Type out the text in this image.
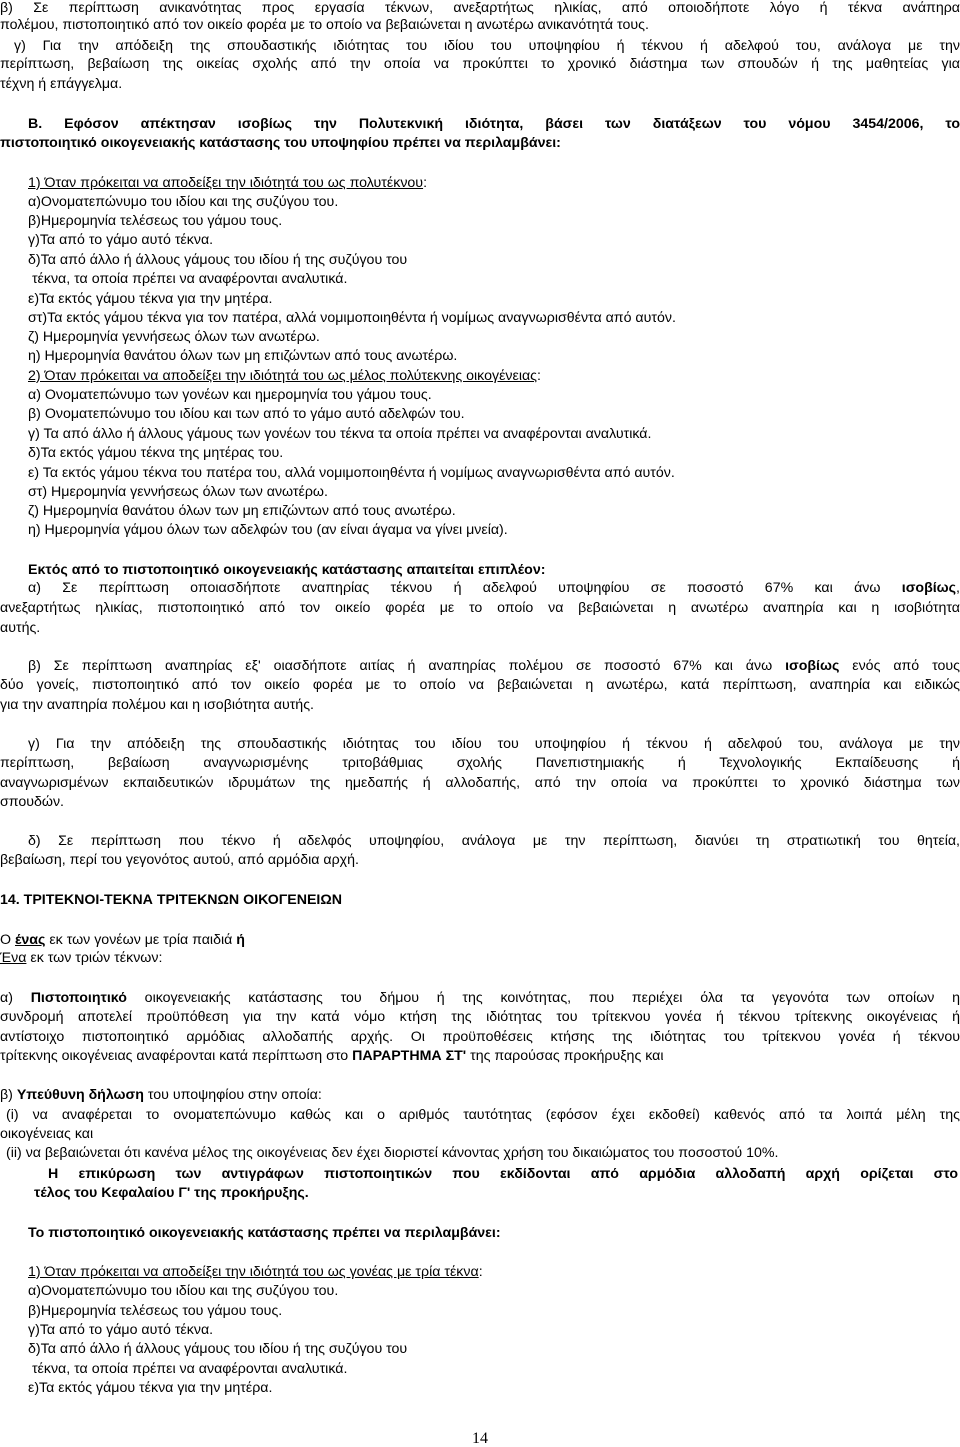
β) Σε περίπτωση ανικανότητας προς εργασία τέκνων, ανεξαρτήτως ηλικίας, από οποιοδήποτε λόγο ή τέκνα ανάπηρα
πολέμου, πιστοποιητικό από τον οικείο φορέα με το οποίο να βεβαιώνεται η ανωτέρω ανικανότητά τους.
γ) Για την απόδειξη της σπουδαστικής ιδιότητας του ιδίου του υποψηφίου ή τέκνου ή αδελφού του, ανάλογα με την
περίπτωση, βεβαίωση της οικείας σχολής από την οποία να προκύπτει το χρονικό διάστημα των σπουδών ή της μαθητείας για
τέχνη ή επάγγελμα.
Β. Εφόσον απέκτησαν ισοβίως την Πολυτεκνική ιδιότητα, βάσει των διατάξεων του νόμου 3454/2006, το
πιστοποιητικό οικογενειακής κατάστασης του υποψηφίου πρέπει να περιλαμβάνει:
1) Όταν πρόκειται να αποδείξει την ιδιότητά του ως πολυτέκνου:
α)Ονοματεπώνυμο του ιδίου και της συζύγου του.
β)Ημερομηνία τελέσεως του γάμου τους.
γ)Τα από το γάμο αυτό τέκνα.
δ)Τα από άλλο ή άλλους γάμους του ιδίου ή της συζύγου του
τέκνα, τα οποία πρέπει να αναφέρονται αναλυτικά.
ε)Τα εκτός γάμου τέκνα για την μητέρα.
στ)Τα εκτός γάμου τέκνα για τον πατέρα, αλλά νομιμοποιηθέντα ή νομίμως αναγνωρισθέντα από αυτόν.
ζ) Ημερομηνία γεννήσεως όλων των ανωτέρω.
η) Ημερομηνία θανάτου όλων των μη επιζώντων από τους ανωτέρω.
2) Όταν πρόκειται να αποδείξει την ιδιότητά του ως μέλος πολύτεκνης οικογένειας:
α) Ονοματεπώνυμο των γονέων και ημερομηνία του γάμου τους.
β) Ονοματεπώνυμο του ιδίου και των από το γάμο αυτό αδελφών του.
γ) Τα από άλλο ή άλλους γάμους των γονέων του τέκνα τα οποία πρέπει να αναφέρονται αναλυτικά.
δ)Τα εκτός γάμου τέκνα της μητέρας του.
ε) Τα εκτός γάμου τέκνα του πατέρα του, αλλά νομιμοποιηθέντα ή νομίμως αναγνωρισθέντα από αυτόν.
στ) Ημερομηνία γεννήσεως όλων των ανωτέρω.
ζ) Ημερομηνία θανάτου όλων των μη επιζώντων από τους ανωτέρω.
η) Ημερομηνία γάμου όλων των αδελφών του (αν είναι άγαμα να γίνει μνεία).
Εκτός από το πιστοποιητικό οικογενειακής κατάστασης απαιτείται επιπλέον:
α) Σε περίπτωση οποιασδήποτε αναπηρίας τέκνου ή αδελφού υποψηφίου σε ποσοστό 67% και άνω ισοβίως,
ανεξαρτήτως ηλικίας, πιστοποιητικό από τον οικείο φορέα με το οποίο να βεβαιώνεται η ανωτέρω αναπηρία και η ισοβιότητα
αυτής.
β) Σε περίπτωση αναπηρίας εξ' οιασδήποτε αιτίας ή αναπηρίας πολέμου σε ποσοστό 67% και άνω ισοβίως ενός από τους
δύο γονείς, πιστοποιητικό από τον οικείο φορέα με το οποίο να βεβαιώνεται η ανωτέρω, κατά περίπτωση, αναπηρία και ειδικώς
για την αναπηρία πολέμου και η ισοβιότητα αυτής.
γ) Για την απόδειξη της σπουδαστικής ιδιότητας του ιδίου του υποψηφίου ή τέκνου ή αδελφού του, ανάλογα με την
περίπτωση, βεβαίωση αναγνωρισμένης τριτοβάθμιας σχολής Πανεπιστημιακής ή Τεχνολογικής Εκπαίδευσης ή
αναγνωρισμένων εκπαιδευτικών ιδρυμάτων της ημεδαπής ή αλλοδαπής, από την οποία να προκύπτει το χρονικό διάστημα των
σπουδών.
δ) Σε περίπτωση που τέκνο ή αδελφός υποψηφίου, ανάλογα με την περίπτωση, διανύει τη στρατιωτική του θητεία,
βεβαίωση, περί του γεγονότος αυτού, από αρμόδια αρχή.
14. ΤΡΙΤΕΚΝΟΙ-ΤΕΚΝΑ ΤΡΙΤΕΚΝΩΝ ΟΙΚΟΓΕΝΕΙΩΝ
Ο ένας εκ των γονέων με τρία παιδιά ή
Ένα εκ των τριών τέκνων:
α) Πιστοποιητικό οικογενειακής κατάστασης του δήμου ή της κοινότητας, που περιέχει όλα τα γεγονότα των οποίων η
συνδρομή αποτελεί προϋπόθεση για την κατά νόμο κτήση της ιδιότητας του τρίτεκνου γονέα ή τέκνου τρίτεκνης οικογένειας ή
αντίστοιχο πιστοποιητικό αρμόδιας αλλοδαπής αρχής. Οι προϋποθέσεις κτήσης της ιδιότητας του τρίτεκνου γονέα ή τέκνου
τρίτεκνης οικογένειας αναφέρονται κατά περίπτωση στο ΠΑΡΑΡΤΗΜΑ ΣΤ' της παρούσας προκήρυξης και
β) Υπεύθυνη δήλωση του υποψηφίου στην οποία:
(i) να αναφέρεται το ονοματεπώνυμο καθώς και ο αριθμός ταυτότητας (εφόσον έχει εκδοθεί) καθενός από τα λοιπά μέλη της
οικογένειας και
(ii) να βεβαιώνεται ότι κανένα μέλος της οικογένειας δεν έχει διοριστεί κάνοντας χρήση του δικαιώματος του ποσοστού 10%.
Η επικύρωση των αντιγράφων πιστοποιητικών που εκδίδονται από αρμόδια αλλοδαπή αρχή ορίζεται στο
τέλος του Κεφαλαίου Γ' της προκήρυξης.
Το πιστοποιητικό οικογενειακής κατάστασης πρέπει να περιλαμβάνει:
1) Όταν πρόκειται να αποδείξει την ιδιότητά του ως γονέας με τρία τέκνα:
α)Ονοματεπώνυμο του ιδίου και της συζύγου του.
β)Ημερομηνία τελέσεως του γάμου τους.
γ)Τα από το γάμο αυτό τέκνα.
δ)Τα από άλλο ή άλλους γάμους του ιδίου ή της συζύγου του
τέκνα, τα οποία πρέπει να αναφέρονται αναλυτικά.
ε)Τα εκτός γάμου τέκνα για την μητέρα.
14
